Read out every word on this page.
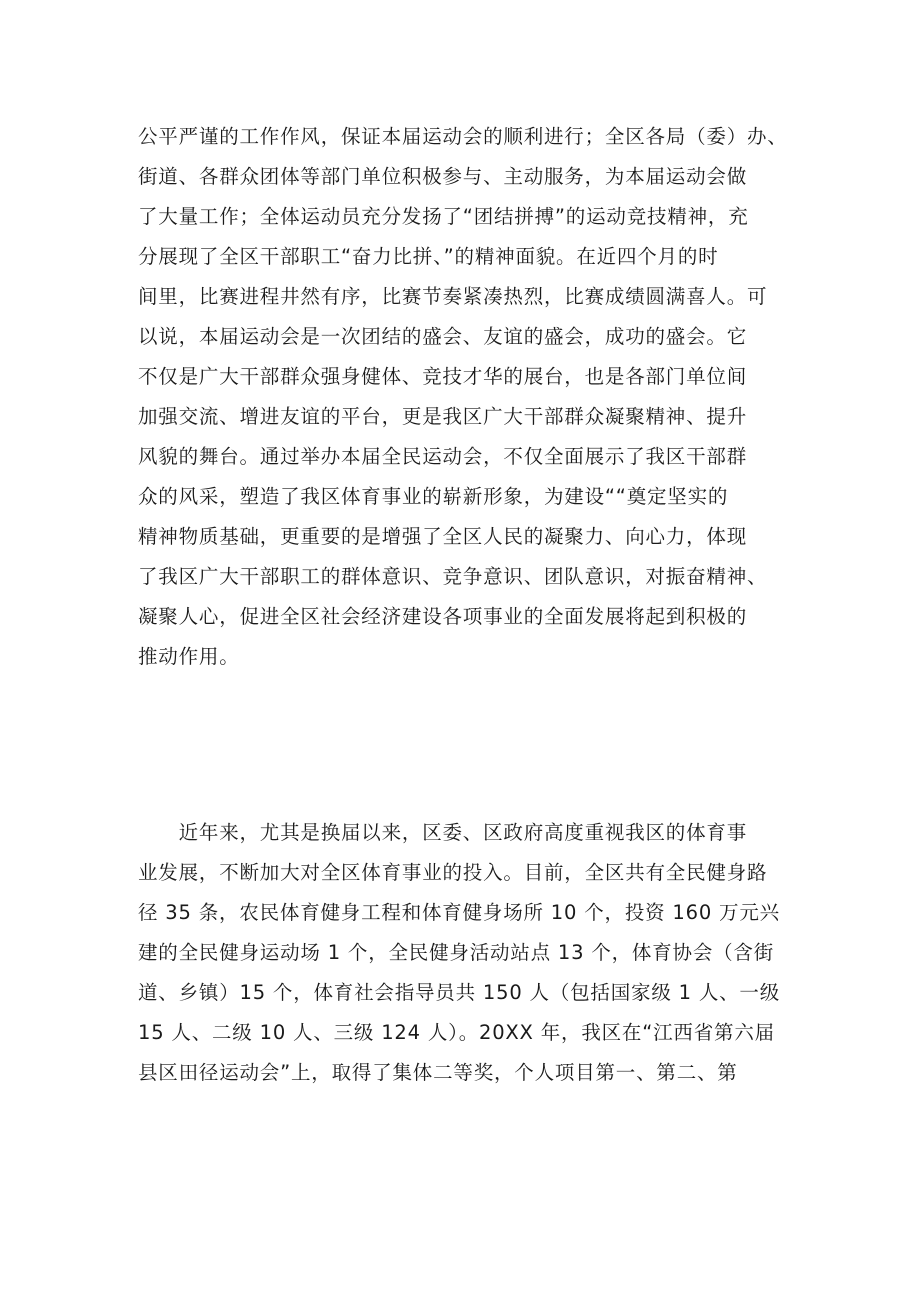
公平严谨的工作作风，保证本届运动会的顺利进行；全区各局（委）办、
街道、各群众团体等部门单位积极参与、主动服务，为本届运动会做
了大量工作；全体运动员充分发扬了“团结拼搏”的运动竞技精神，充
分展现了全区干部职工“奋力比拼、”的精神面貌。在近四个月的时
间里，比赛进程井然有序，比赛节奏紧凑热烈，比赛成绩圆满喜人。可
以说，本届运动会是一次团结的盛会、友谊的盛会，成功的盛会。它
不仅是广大干部群众强身健体、竞技才华的展台，也是各部门单位间
加强交流、增进友谊的平台，更是我区广大干部群众凝聚精神、提升
风貌的舞台。通过举办本届全民运动会，不仅全面展示了我区干部群
众的风采，塑造了我区体育事业的崭新形象，为建设““奠定坚实的
精神物质基础，更重要的是增强了全区人民的凝聚力、向心力，体现
了我区广大干部职工的群体意识、竞争意识、团队意识，对振奋精神、
凝聚人心，促进全区社会经济建设各项事业的全面发展将起到积极的
推动作用。
　　近年来，尤其是换届以来，区委、区政府高度重视我区的体育事
业发展，不断加大对全区体育事业的投入。目前，全区共有全民健身路
径 35 条，农民体育健身工程和体育健身场所 10 个，投资 160 万元兴
建的全民健身运动场 1 个，全民健身活动站点 13 个，体育协会（含街
道、乡镇）15 个，体育社会指导员共 150 人（包括国家级 1 人、一级
15 人、二级 10 人、三级 124 人）。20XX 年，我区在“江西省第六届
县区田径运动会”上，取得了集体二等奖，个人项目第一、第二、第
